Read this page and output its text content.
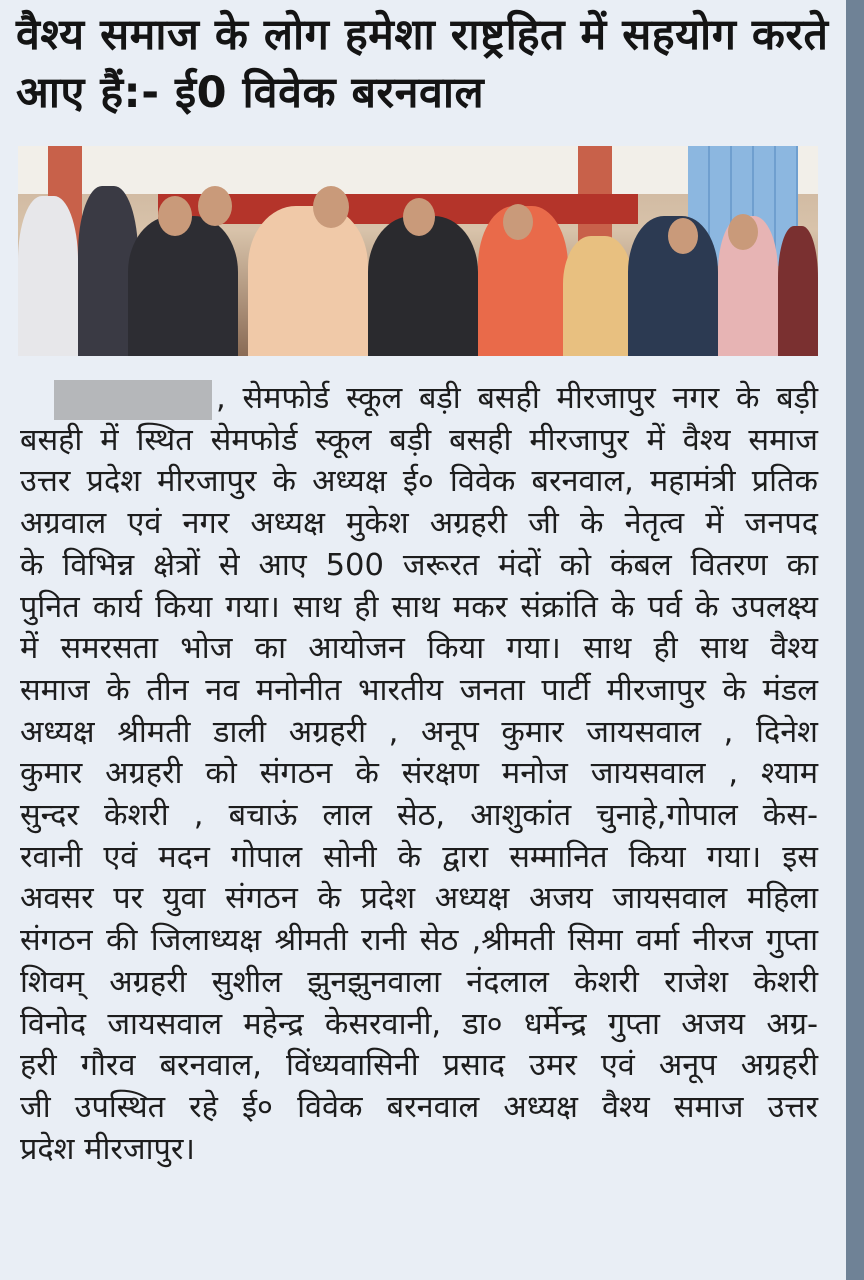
वैश्य समाज के लोग हमेशा राष्ट्रहित में सहयोग करते आए हैं:- ई0 विवेक बरनवाल

, सेमफोर्ड स्कूल बड़ी बसही मीरजापुर नगर के बड़ी
बसही में स्थित सेमफोर्ड स्कूल बड़ी बसही मीरजापुर में वैश्य समाज
उत्तर प्रदेश मीरजापुर के अध्यक्ष ई० विवेक बरनवाल, महामंत्री प्रतिक
अग्रवाल एवं नगर अध्यक्ष मुकेश अग्रहरी जी के नेतृत्व में जनपद
के विभिन्न क्षेत्रों से आए 500 जरूरत मंदों को कंबल वितरण का
पुनित कार्य किया गया। साथ ही साथ मकर संक्रांति के पर्व के उपलक्ष्य
में समरसता भोज का आयोजन किया गया। साथ ही साथ वैश्य
समाज के तीन नव मनोनीत भारतीय जनता पार्टी मीरजापुर के मंडल
अध्यक्ष श्रीमती डाली अग्रहरी , अनूप कुमार जायसवाल , दिनेश
कुमार अग्रहरी को संगठन के संरक्षण मनोज जायसवाल , श्याम
सुन्दर केशरी , बचाऊं लाल सेठ, आशुकांत चुनाहे,गोपाल केस-
रवानी एवं मदन गोपाल सोनी के द्वारा सम्मानित किया गया। इस
अवसर पर युवा संगठन के प्रदेश अध्यक्ष अजय जायसवाल महिला
संगठन की जिलाध्यक्ष श्रीमती रानी सेठ ,श्रीमती सिमा वर्मा नीरज गुप्ता
शिवम् अग्रहरी सुशील झुनझुनवाला नंदलाल केशरी राजेश केशरी
विनोद जायसवाल महेन्द्र केसरवानी, डा० धर्मेन्द्र गुप्ता अजय अग्र-
हरी गौरव बरनवाल, विंध्यवासिनी प्रसाद उमर एवं अनूप अग्रहरी
जी उपस्थित रहे ई० विवेक बरनवाल अध्यक्ष वैश्य समाज उत्तर
प्रदेश मीरजापुर।
